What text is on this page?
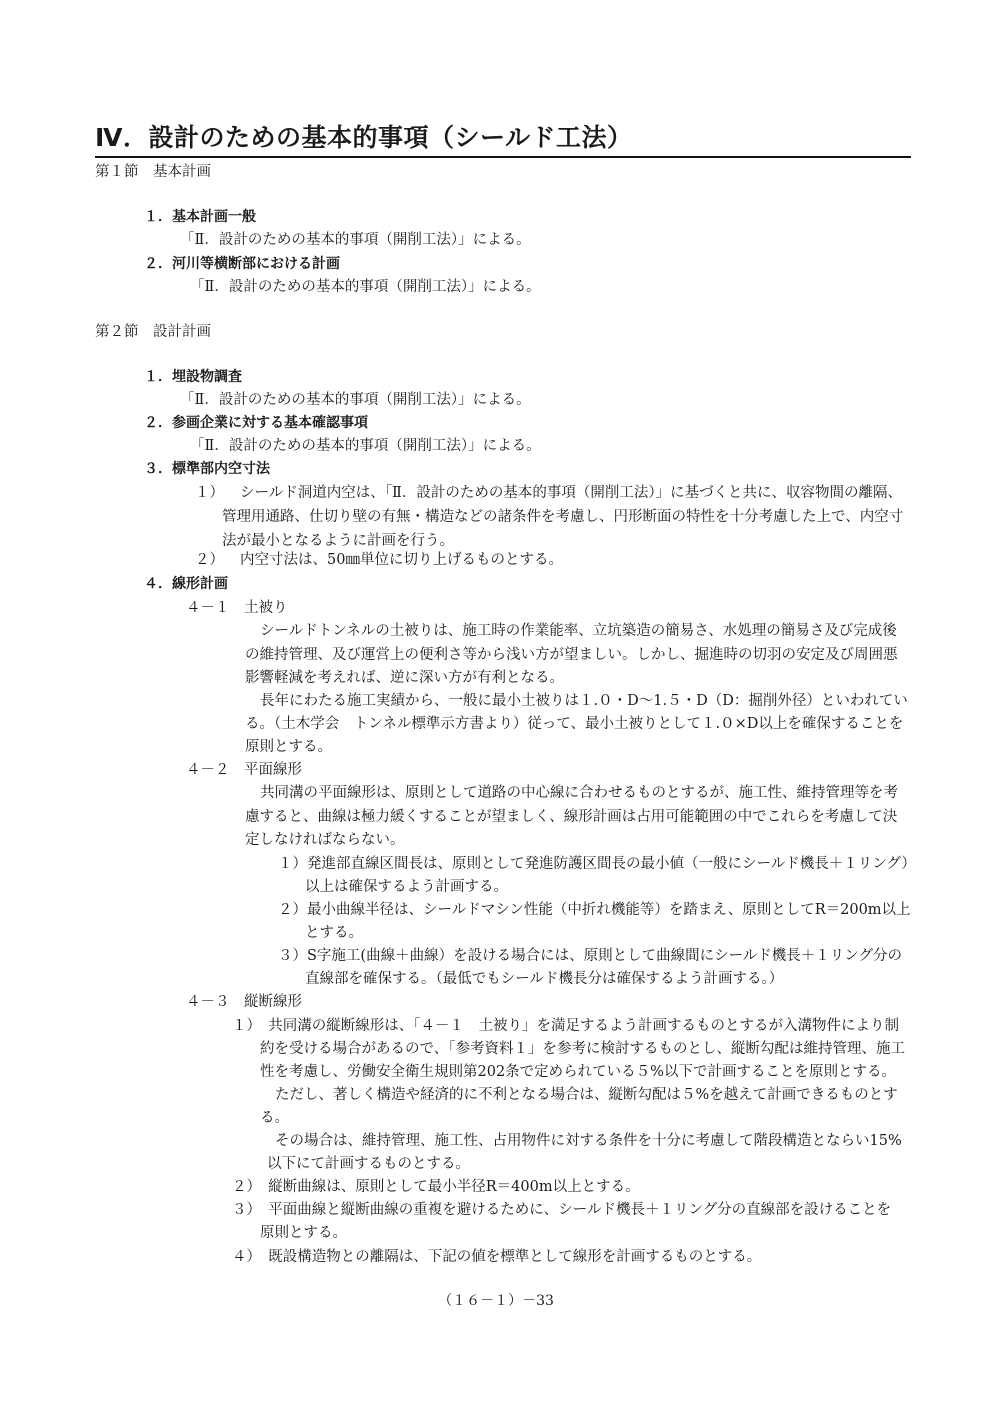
Ⅳ．設計のための基本的事項（シールド工法）
第１節　基本計画
１．基本計画一般
「Ⅱ．設計のための基本的事項（開削工法）」による。
２．河川等横断部における計画
「Ⅱ．設計のための基本的事項（開削工法）」による。
第２節　設計計画
１．埋設物調査
「Ⅱ．設計のための基本的事項（開削工法）」による。
２．参画企業に対する基本確認事項
「Ⅱ．設計のための基本的事項（開削工法）」による。
３．標準部内空寸法
１） シールド洞道内空は、「Ⅱ．設計のための基本的事項（開削工法）」に基づくと共に、収容物間の離隔、
管理用通路、仕切り壁の有無・構造などの諸条件を考慮し、円形断面の特性を十分考慮した上で、内空寸
法が最小となるように計画を行う。
２） 内空寸法は、50㎜単位に切り上げるものとする。
４．線形計画
４－１　土被り
シールドトンネルの土被りは、施工時の作業能率、立坑築造の簡易さ、水処理の簡易さ及び完成後
の維持管理、及び運営上の便利さ等から浅い方が望ましい。しかし、掘進時の切羽の安定及び周囲悪
影響軽減を考えれば、逆に深い方が有利となる。
長年にわたる施工実績から、一般に最小土被りは１.０・D～1.５・D（D：掘削外径）といわれてい
る。（土木学会　トンネル標準示方書より）従って、最小土被りとして１.０×D以上を確保することを
原則とする。
４－２　平面線形
共同溝の平面線形は、原則として道路の中心線に合わせるものとするが、施工性、維持管理等を考
慮すると、曲線は極力緩くすることが望ましく、線形計画は占用可能範囲の中でこれらを考慮して決
定しなければならない。
１）発進部直線区間長は、原則として発進防護区間長の最小値（一般にシールド機長＋１リング）
以上は確保するよう計画する。
２）最小曲線半径は、シールドマシン性能（中折れ機能等）を踏まえ、原則としてR＝200m以上
とする。
３）S字施工(曲線＋曲線）を設ける場合には、原則として曲線間にシールド機長＋１リング分の
直線部を確保する。（最低でもシールド機長分は確保するよう計画する。）
４－３　縦断線形
１）　共同溝の縦断線形は、「４－１　土被り」を満足するよう計画するものとするが入溝物件により制
約を受ける場合があるので、「参考資料１」を参考に検討するものとし、縦断勾配は維持管理、施工
性を考慮し、労働安全衛生規則第202条で定められている５%以下で計画することを原則とする。
ただし、著しく構造や経済的に不利となる場合は、縦断勾配は５%を越えて計画できるものとす
る。
その場合は、維持管理、施工性、占用物件に対する条件を十分に考慮して階段構造とならい15%
以下にて計画するものとする。
２）　縦断曲線は、原則として最小半径R＝400m以上とする。
３）　平面曲線と縦断曲線の重複を避けるために、シールド機長＋１リング分の直線部を設けることを
原則とする。
４）　既設構造物との離隔は、下記の値を標準として線形を計画するものとする。
（１６－１）－33
